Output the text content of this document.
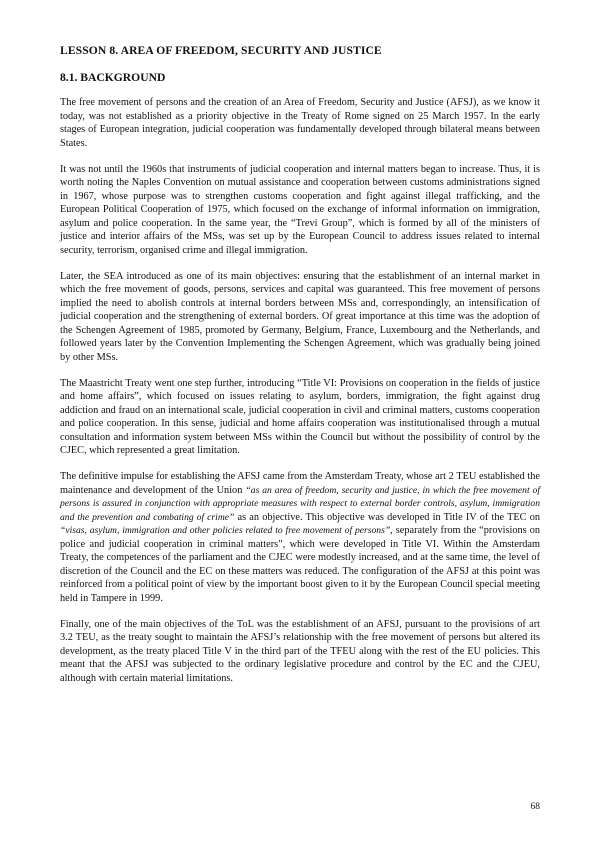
LESSON 8. AREA OF FREEDOM, SECURITY AND JUSTICE
8.1. BACKGROUND

The free movement of persons and the creation of an Area of Freedom, Security and Justice (AFSJ), as we know it today, was not established as a priority objective in the Treaty of Rome signed on 25 March 1957. In the early stages of European integration, judicial cooperation was fundamentally developed through bilateral means between States.

It was not until the 1960s that instruments of judicial cooperation and internal matters began to increase. Thus, it is worth noting the Naples Convention on mutual assistance and cooperation between customs administrations signed in 1967, whose purpose was to strengthen customs cooperation and fight against illegal trafficking, and the European Political Cooperation of 1975, which focused on the exchange of informal information on immigration, asylum and police cooperation. In the same year, the “Trevi Group”, which is formed by all of the ministers of justice and interior affairs of the MSs, was set up by the European Council to address issues related to internal security, terrorism, organised crime and illegal immigration.

Later, the SEA introduced as one of its main objectives: ensuring that the establishment of an internal market in which the free movement of goods, persons, services and capital was guaranteed. This free movement of persons implied the need to abolish controls at internal borders between MSs and, correspondingly, an intensification of judicial cooperation and the strengthening of external borders. Of great importance at this time was the adoption of the Schengen Agreement of 1985, promoted by Germany, Belgium, France, Luxembourg and the Netherlands, and followed years later by the Convention Implementing the Schengen Agreement, which was gradually being joined by other MSs.

The Maastricht Treaty went one step further, introducing “Title VI: Provisions on cooperation in the fields of justice and home affairs”, which focused on issues relating to asylum, borders, immigration, the fight against drug addiction and fraud on an international scale, judicial cooperation in civil and criminal matters, customs cooperation and police cooperation. In this sense, judicial and home affairs cooperation was institutionalised through a mutual consultation and information system between MSs within the Council but without the possibility of control by the CJEC, which represented a great limitation.

The definitive impulse for establishing the AFSJ came from the Amsterdam Treaty, whose art 2 TEU established the maintenance and development of the Union “as an area of freedom, security and justice, in which the free movement of persons is assured in conjunction with appropriate measures with respect to external border controls, asylum, immigration and the prevention and combating of crime” as an objective. This objective was developed in Title IV of the TEC on “visas, asylum, immigration and other policies related to free movement of persons”, separately from the “provisions on police and judicial cooperation in criminal matters”, which were developed in Title VI. Within the Amsterdam Treaty, the competences of the parliament and the CJEC were modestly increased, and at the same time, the level of discretion of the Council and the EC on these matters was reduced. The configuration of the AFSJ at this point was reinforced from a political point of view by the important boost given to it by the European Council special meeting held in Tampere in 1999.

Finally, one of the main objectives of the ToL was the establishment of an AFSJ, pursuant to the provisions of art 3.2 TEU, as the treaty sought to maintain the AFSJ’s relationship with the free movement of persons but altered its development, as the treaty placed Title V in the third part of the TFEU along with the rest of the EU policies. This meant that the AFSJ was subjected to the ordinary legislative procedure and control by the EC and the CJEU, although with certain material limitations.

68
